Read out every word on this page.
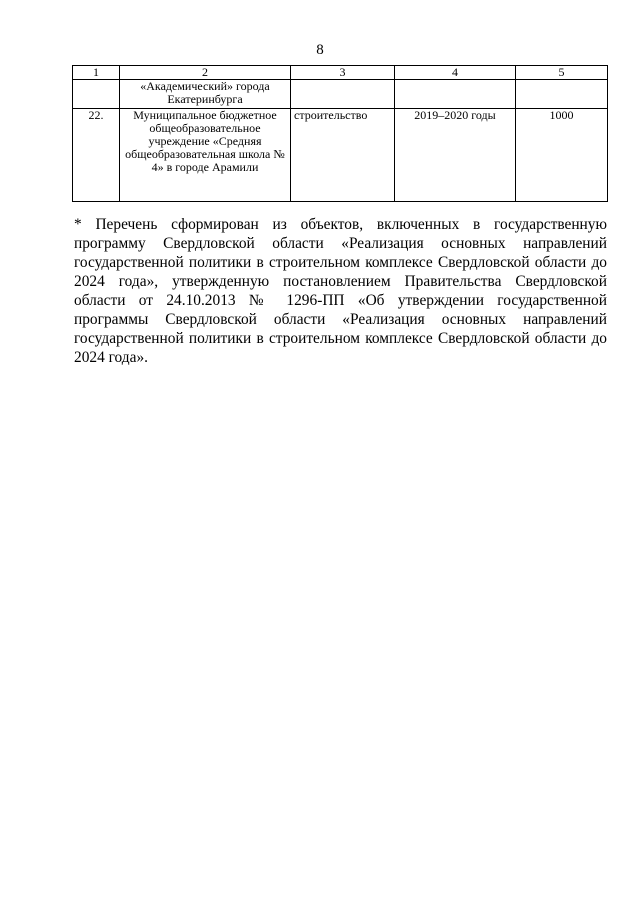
8
1	2	3	4	5
	«Академический» города Екатеринбурга			
22.	Муниципальное бюджетное общеобразовательное учреждение «Средняя общеобразовательная школа № 4» в городе Арамили	строительство	2019–2020 годы	1000
* Перечень сформирован из объектов, включенных в государственную программу Свердловской области «Реализация основных направлений государственной политики в строительном комплексе Свердловской области до 2024 года», утвержденную постановлением Правительства Свердловской области от 24.10.2013 № 1296-ПП «Об утверждении государственной программы Свердловской области «Реализация основных направлений государственной политики в строительном комплексе Свердловской области до 2024 года».
